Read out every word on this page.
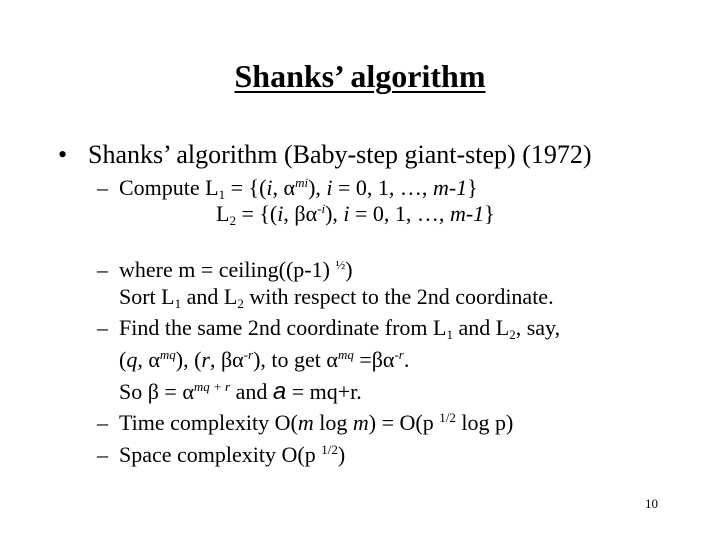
Shanks’ algorithm
• Shanks’ algorithm (Baby-step giant-step) (1972)
– Compute $L_1 = \{(i$, $\alpha^{mi}$), i = 0, 1, …, m-1}
$L_2 = \{(i$, $\beta\alpha^{-i}$), i = 0, 1, …, m-1}
– where m = ceiling((p-1) $^{\frac{1}{2}}$)
Sort $L_1$ and $L_2$ with respect to the 2nd coordinate.
– Find the same 2nd coordinate from $L_1$ and $L_2$, say,
(q, $\alpha^{mq}$), (r, $\beta\alpha^{-r}$), to get $\alpha^{mq} =\beta\alpha^{-r}$.
So $\beta = \alpha^{mq + r}$ and a = mq+r.
– Time complexity O(m log m) = O(p $^{1/2}$ log p)
– Space complexity O(p $^{1/2}$)
10
